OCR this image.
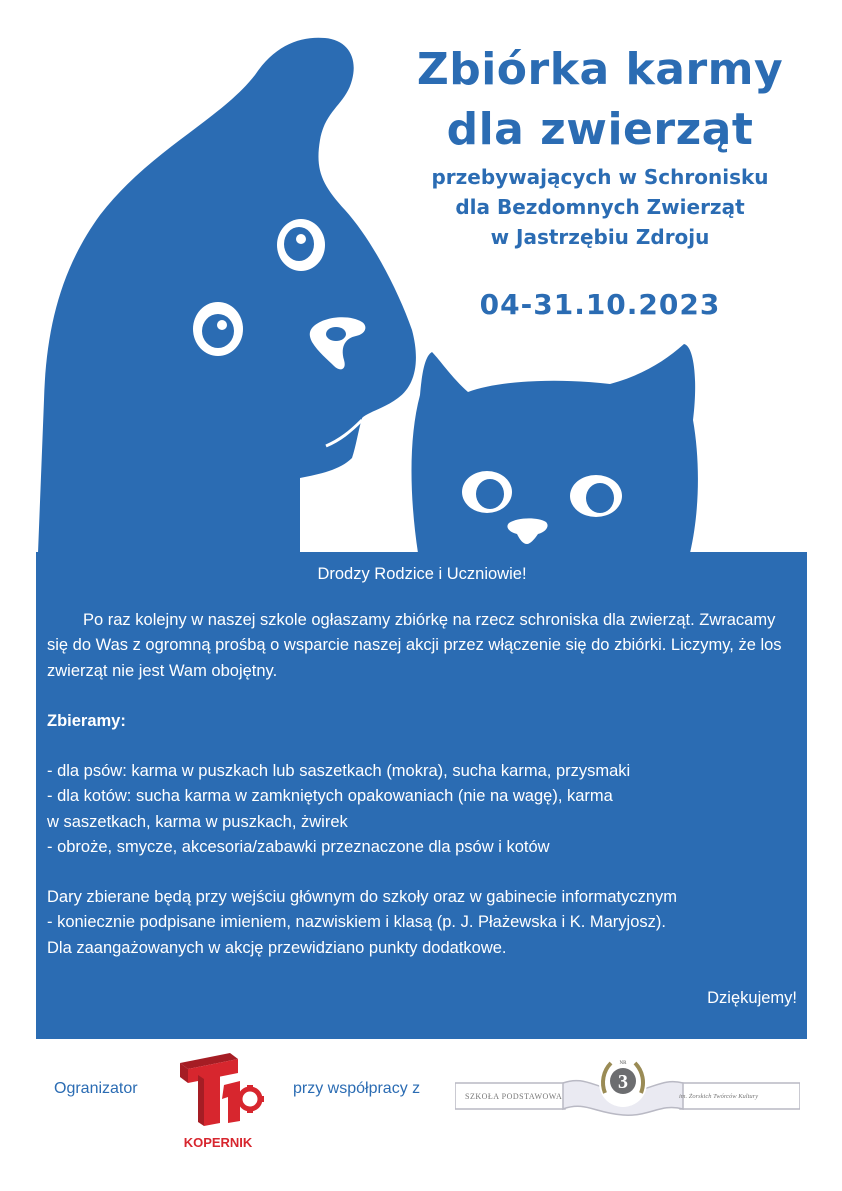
Zbiórka karmy
dla zwierząt
przebywających w Schronisku
dla Bezdomnych Zwierząt
w Jastrzębiu Zdroju
04-31.10.2023
Drodzy Rodzice i Uczniowie!
Po raz kolejny w naszej szkole ogłaszamy zbiórkę na rzecz schroniska dla zwierząt. Zwracamy się do Was z ogromną prośbą o wsparcie naszej akcji przez włączenie się do zbiórki. Liczymy, że los zwierząt nie jest Wam obojętny.
Zbieramy:
- dla psów: karma w puszkach lub saszetkach (mokra), sucha karma, przysmaki
- dla kotów: sucha karma w zamkniętych opakowaniach (nie na wagę), karma
w saszetkach, karma w puszkach, żwirek
- obroże, smycze, akcesoria/zabawki przeznaczone dla psów i kotów
Dary zbierane będą przy wejściu głównym do szkoły oraz w gabinecie informatycznym
- koniecznie podpisane imieniem, nazwiskiem i klasą (p. J. Płażewska i K. Maryjosz).
Dla zaangażowanych w akcję przewidziano punkty dodatkowe.
Dziękujemy!
Ogranizator
KOPERNIK
przy współpracy z	3
NR
SZKOŁA PODSTAWOWA	im. Żorskich Twórców Kultury
